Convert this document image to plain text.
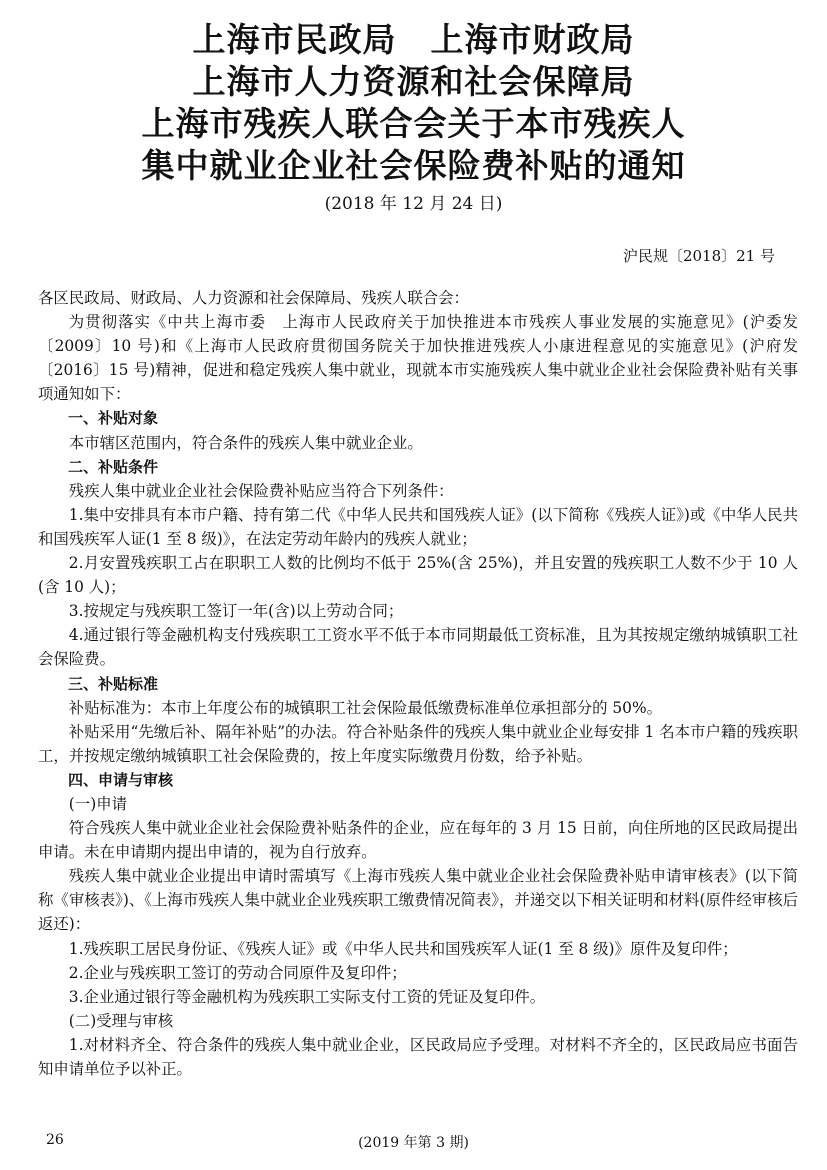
上海市民政局　上海市财政局
上海市人力资源和社会保障局
上海市残疾人联合会关于本市残疾人
集中就业企业社会保险费补贴的通知
(2018 年 12 月 24 日)
沪民规〔2018〕21 号

各区民政局、财政局、人力资源和社会保障局、残疾人联合会：

为贯彻落实《中共上海市委　上海市人民政府关于加快推进本市残疾人事业发展的实施意见》(沪委发〔2009〕10 号)和《上海市人民政府贯彻国务院关于加快推进残疾人小康进程意见的实施意见》(沪府发〔2016〕15 号)精神，促进和稳定残疾人集中就业，现就本市实施残疾人集中就业企业社会保险费补贴有关事项通知如下：

一、补贴对象

本市辖区范围内，符合条件的残疾人集中就业企业。

二、补贴条件

残疾人集中就业企业社会保险费补贴应当符合下列条件：

1.集中安排具有本市户籍、持有第二代《中华人民共和国残疾人证》(以下简称《残疾人证》)或《中华人民共和国残疾军人证(1 至 8 级)》，在法定劳动年龄内的残疾人就业；

2.月安置残疾职工占在职职工人数的比例均不低于 25%(含 25%)，并且安置的残疾职工人数不少于 10 人(含 10 人)；

3.按规定与残疾职工签订一年(含)以上劳动合同；

4.通过银行等金融机构支付残疾职工工资水平不低于本市同期最低工资标准，且为其按规定缴纳城镇职工社会保险费。

三、补贴标准

补贴标准为：本市上年度公布的城镇职工社会保险最低缴费标准单位承担部分的 50%。

补贴采用“先缴后补、隔年补贴”的办法。符合补贴条件的残疾人集中就业企业每安排 1 名本市户籍的残疾职工，并按规定缴纳城镇职工社会保险费的，按上年度实际缴费月份数，给予补贴。

四、申请与审核

(一)申请

符合残疾人集中就业企业社会保险费补贴条件的企业，应在每年的 3 月 15 日前，向住所地的区民政局提出申请。未在申请期内提出申请的，视为自行放弃。

残疾人集中就业企业提出申请时需填写《上海市残疾人集中就业企业社会保险费补贴申请审核表》(以下简称《审核表》)、《上海市残疾人集中就业企业残疾职工缴费情况简表》，并递交以下相关证明和材料(原件经审核后返还)：

1.残疾职工居民身份证、《残疾人证》或《中华人民共和国残疾军人证(1 至 8 级)》原件及复印件；

2.企业与残疾职工签订的劳动合同原件及复印件；

3.企业通过银行等金融机构为残疾职工实际支付工资的凭证及复印件。

(二)受理与审核

1.对材料齐全、符合条件的残疾人集中就业企业，区民政局应予受理。对材料不齐全的，区民政局应书面告知申请单位予以补正。

26	(2019 年第 3 期)
